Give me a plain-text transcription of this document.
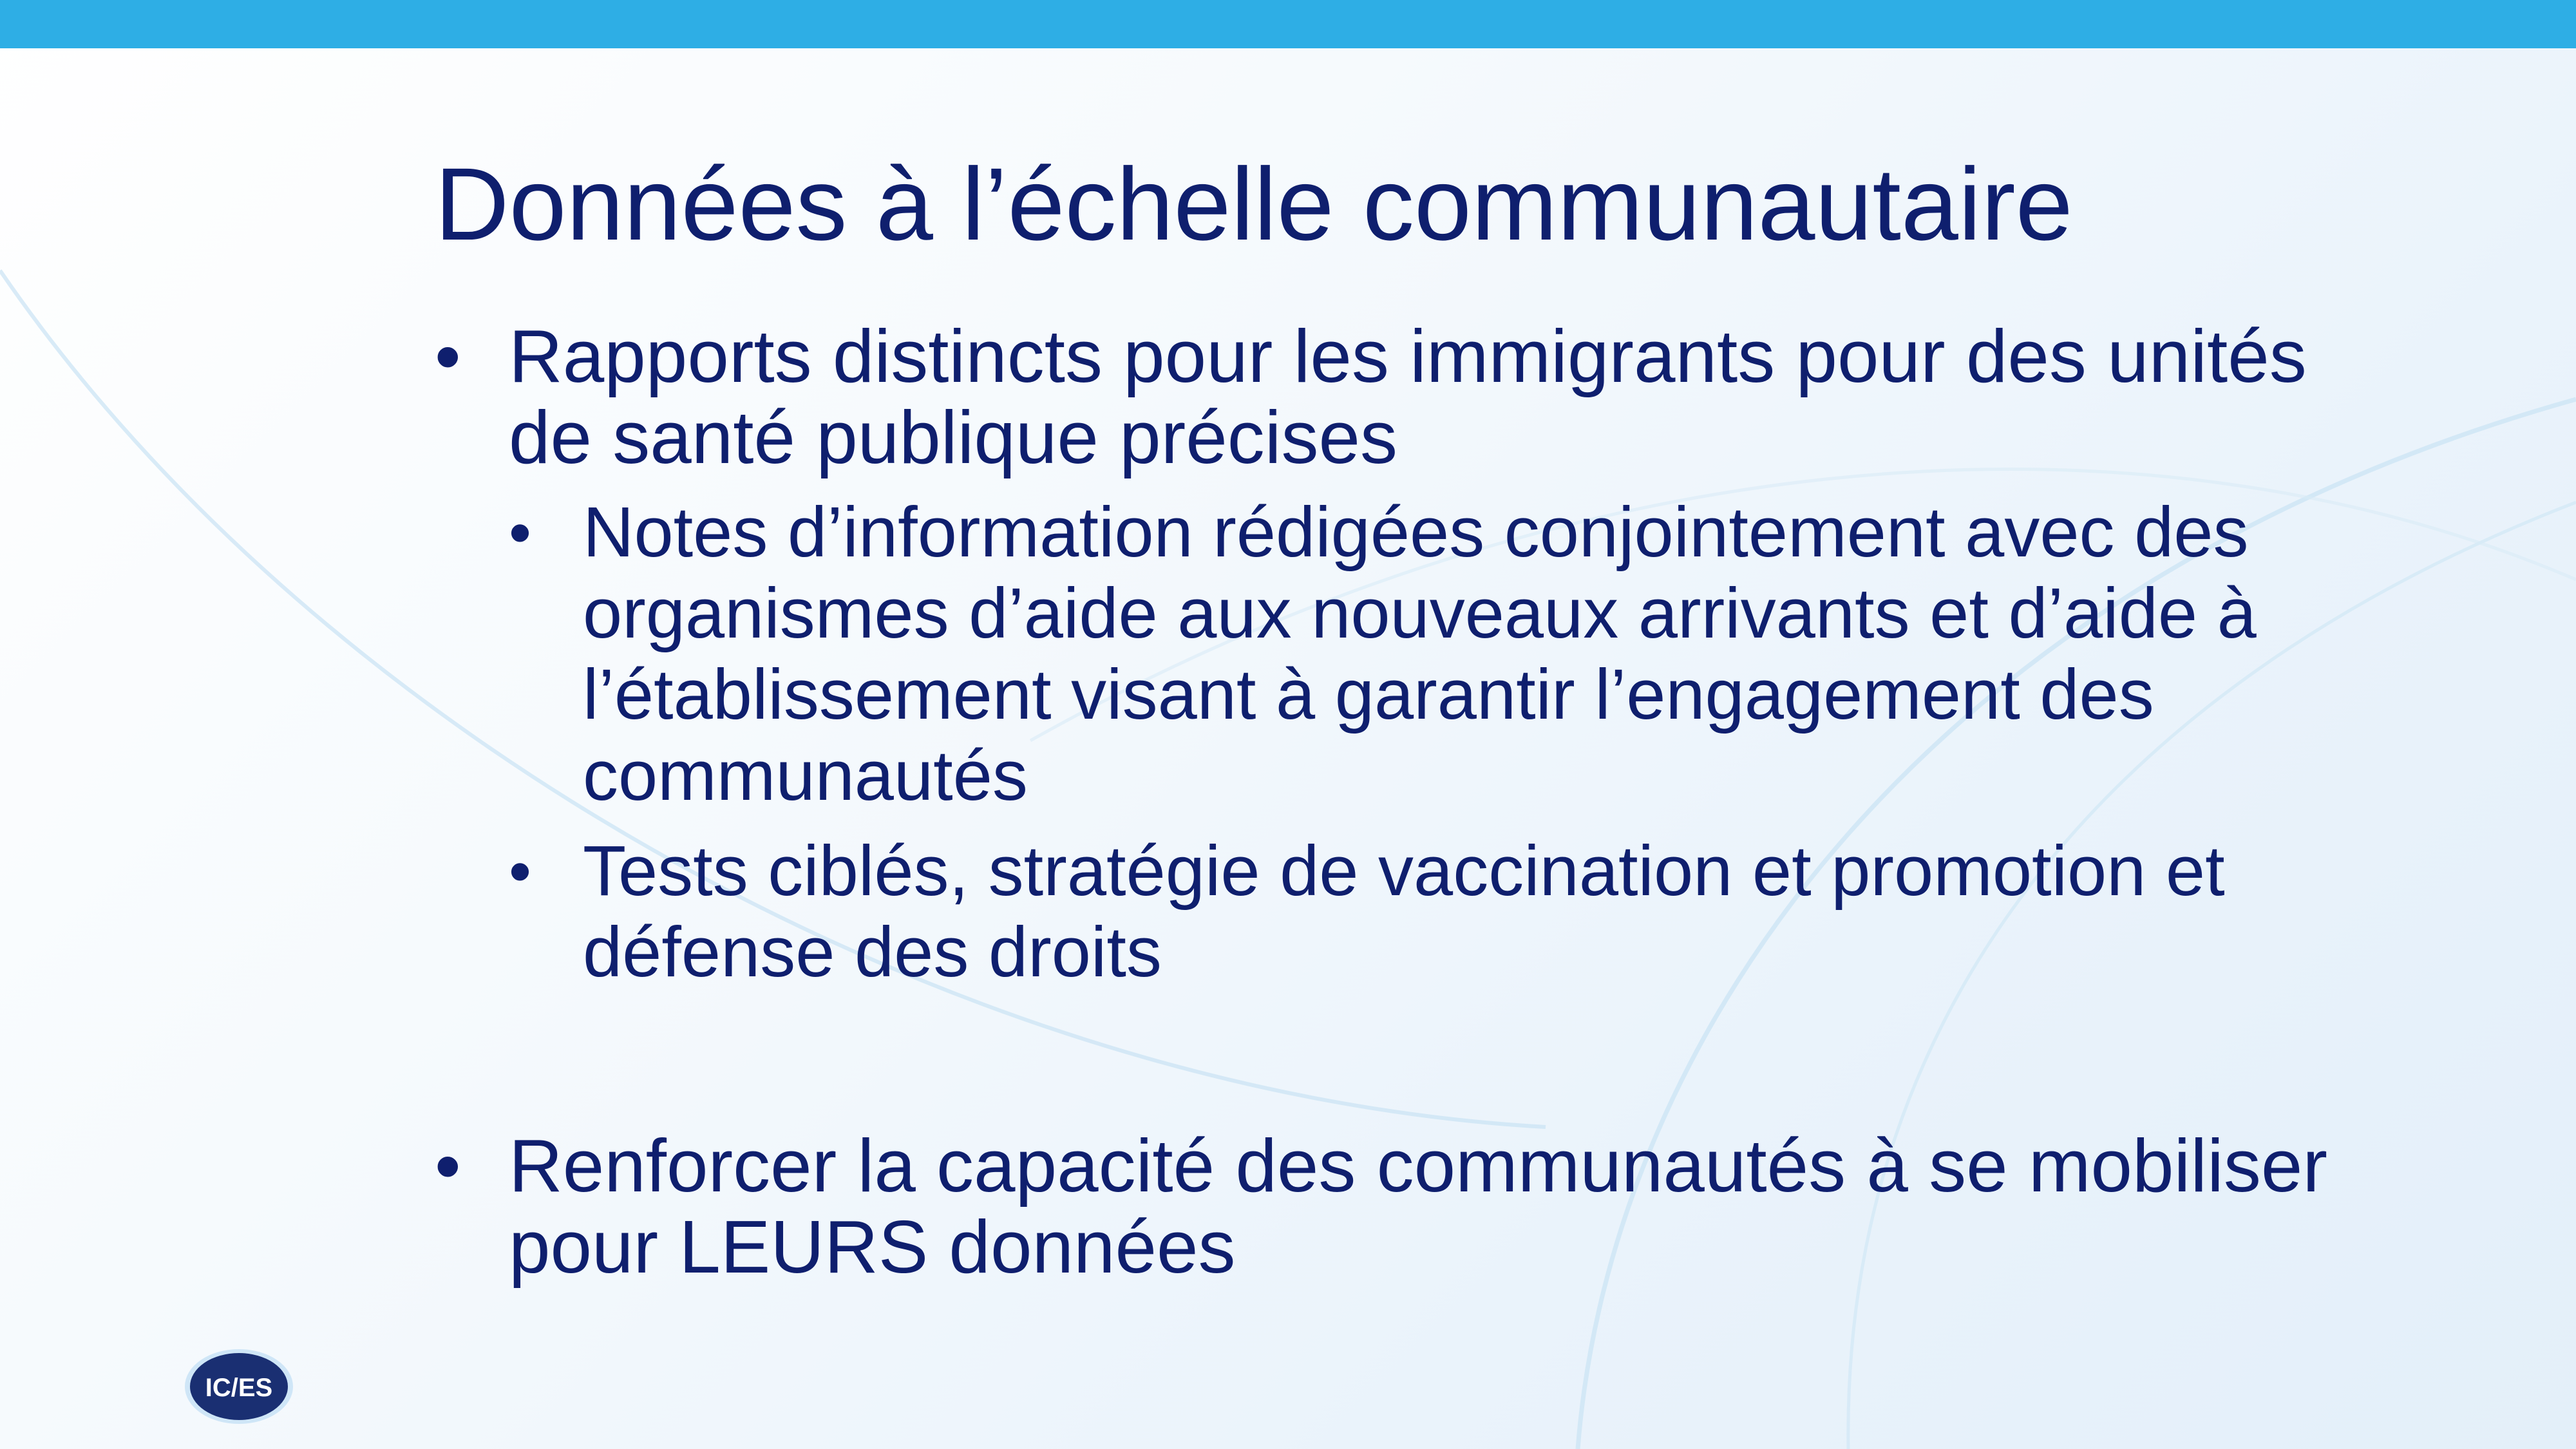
Données à l’échelle communautaire
• Rapports distincts pour les immigrants pour des unités de santé publique précises
• Notes d’information rédigées conjointement avec des organismes d’aide aux nouveaux arrivants et d’aide à l’établissement visant à garantir l’engagement des communautés
• Tests ciblés, stratégie de vaccination et promotion et défense des droits
• Renforcer la capacité des communautés à se mobiliser pour LEURS données
IC/ES
